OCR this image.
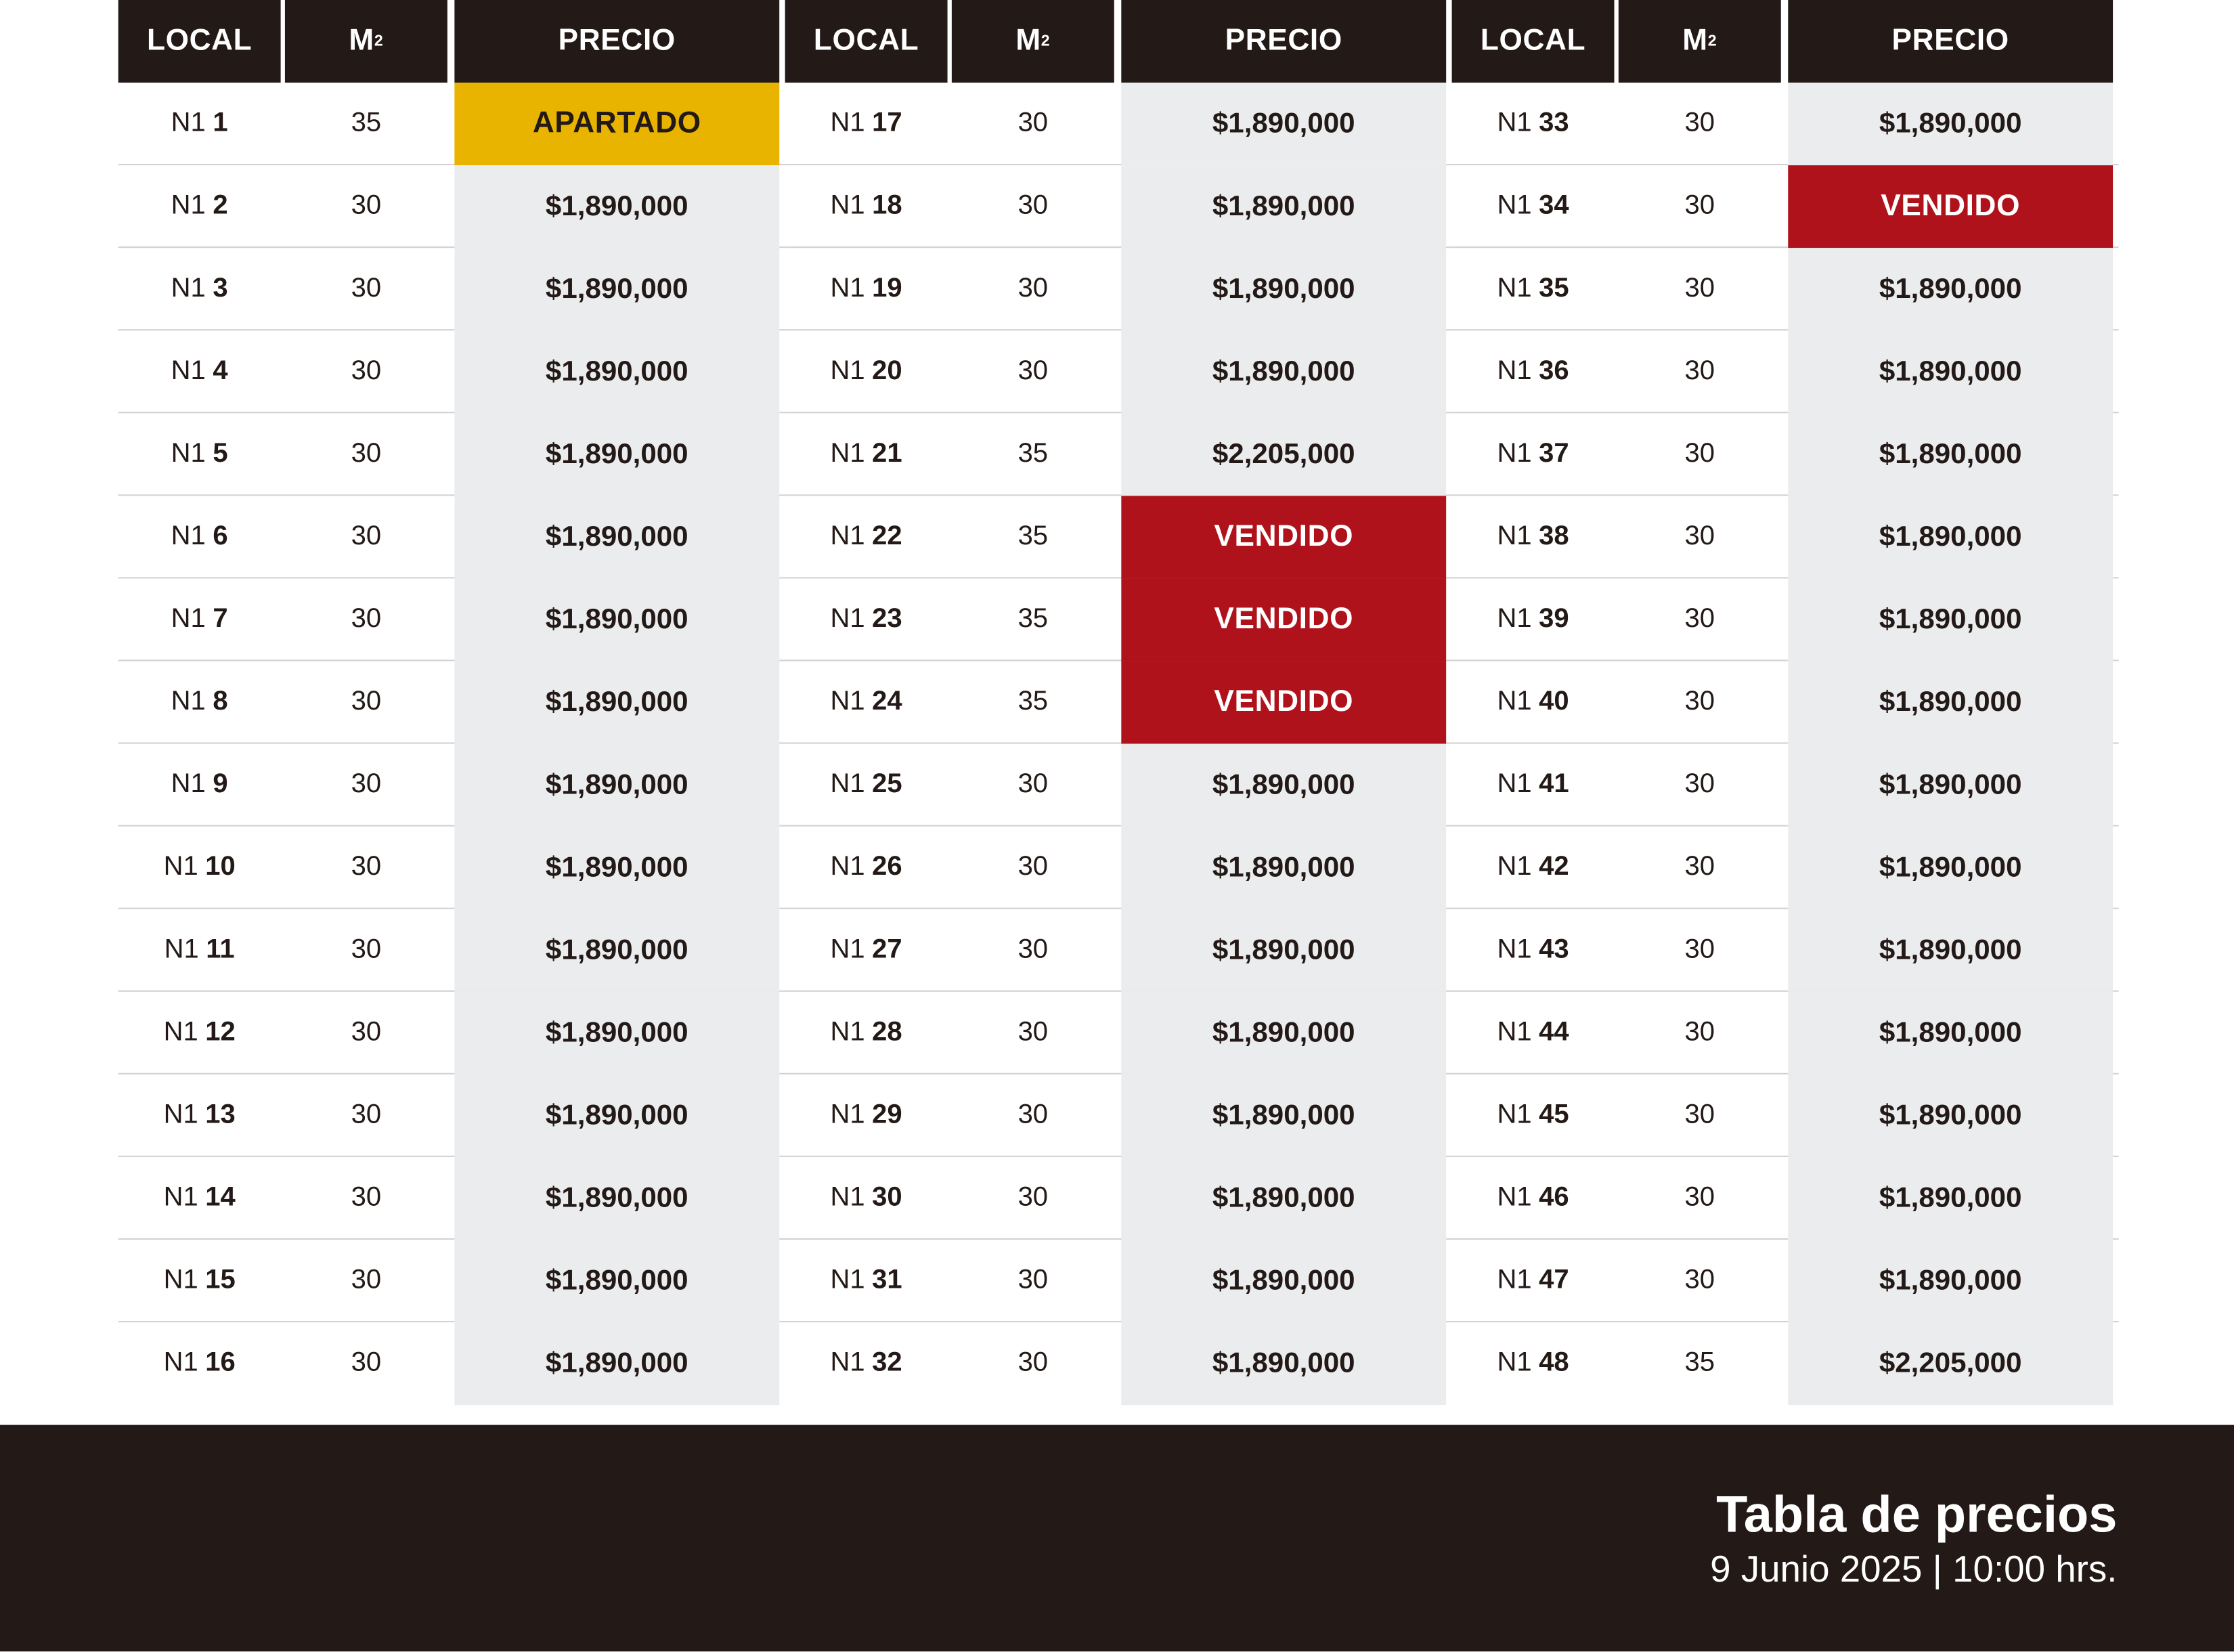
LOCAL	M 2	PRECIO
N1 1	35	APARTADO
N1 2	30	$1,890,000
N1 3	30	$1,890,000
N1 4	30	$1,890,000
N1 5	30	$1,890,000
N1 6	30	$1,890,000
N1 7	30	$1,890,000
N1 8	30	$1,890,000
N1 9	30	$1,890,000
N1 10	30	$1,890,000
N1 11	30	$1,890,000
N1 12	30	$1,890,000
N1 13	30	$1,890,000
N1 14	30	$1,890,000
N1 15	30	$1,890,000
N1 16	30	$1,890,000
LOCAL	M 2	PRECIO
N1 17	30	$1,890,000
N1 18	30	$1,890,000
N1 19	30	$1,890,000
N1 20	30	$1,890,000
N1 21	35	$2,205,000
N1 22	35	VENDIDO
N1 23	35	VENDIDO
N1 24	35	VENDIDO
N1 25	30	$1,890,000
N1 26	30	$1,890,000
N1 27	30	$1,890,000
N1 28	30	$1,890,000
N1 29	30	$1,890,000
N1 30	30	$1,890,000
N1 31	30	$1,890,000
N1 32	30	$1,890,000
LOCAL	M 2	PRECIO
N1 33	30	$1,890,000
N1 34	30	VENDIDO
N1 35	30	$1,890,000
N1 36	30	$1,890,000
N1 37	30	$1,890,000
N1 38	30	$1,890,000
N1 39	30	$1,890,000
N1 40	30	$1,890,000
N1 41	30	$1,890,000
N1 42	30	$1,890,000
N1 43	30	$1,890,000
N1 44	30	$1,890,000
N1 45	30	$1,890,000
N1 46	30	$1,890,000
N1 47	30	$1,890,000
N1 48	35	$2,205,000
Tabla de precios
9 Junio 2025 | 10:00 hrs.
